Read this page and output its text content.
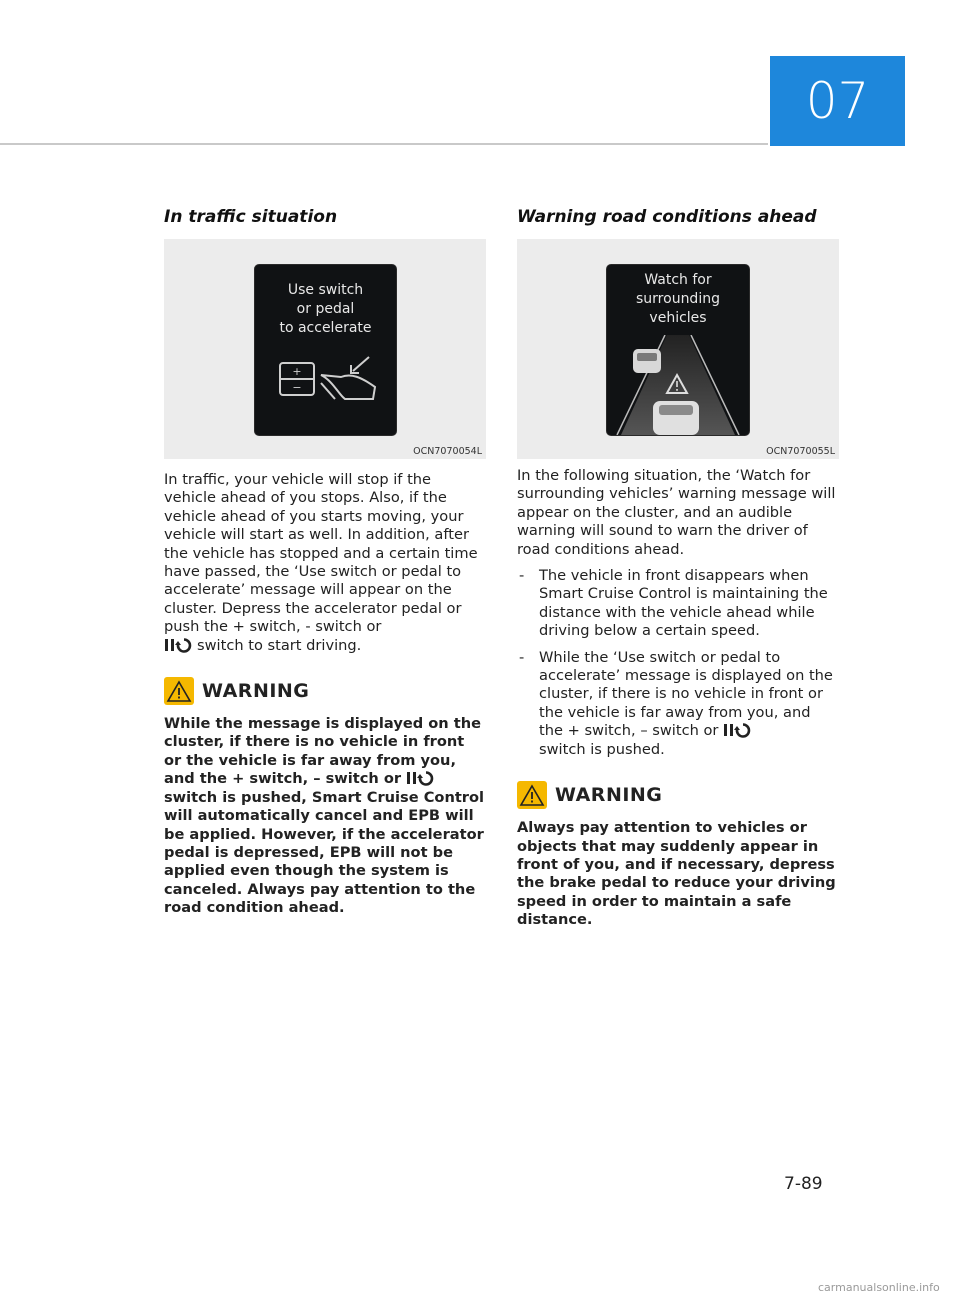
07
In traffic situation
Use switch
or pedal
to accelerate
+
−
OCN7070054L

In traffic, your vehicle will stop if the vehicle ahead of you stops. Also, if the vehicle ahead of you starts moving, your vehicle will start as well. In addition, after the vehicle has stopped and a certain time have passed, the ‘Use switch or pedal to accelerate’ message will appear on the cluster. Depress the accelerator pedal or push the + switch, - switch or
switch to start driving.

WARNING

While the message is displayed on the cluster, if there is no vehicle in front or the vehicle is far away from you, and the + switch, – switch or switch is pushed, Smart Cruise Control will automatically cancel and EPB will be applied. However, if the accelerator pedal is depressed, EPB will not be applied even though the system is canceled. Always pay attention to the road condition ahead.

Warning road conditions ahead
Watch for
surrounding
vehicles
OCN7070055L

In the following situation, the ‘Watch for surrounding vehicles’ warning message will appear on the cluster, and an audible warning will sound to warn the driver of road conditions ahead.

- The vehicle in front disappears when Smart Cruise Control is maintaining the distance with the vehicle ahead while driving below a certain speed.
- While the ‘Use switch or pedal to accelerate’ message is displayed on the cluster, if there is no vehicle in front or the vehicle is far away from you, and the + switch, – switch or
switch is pushed.
WARNING

Always pay attention to vehicles or objects that may suddenly appear in front of you, and if necessary, depress the brake pedal to reduce your driving speed in order to maintain a safe distance.

7-89
carmanualsonline.info
